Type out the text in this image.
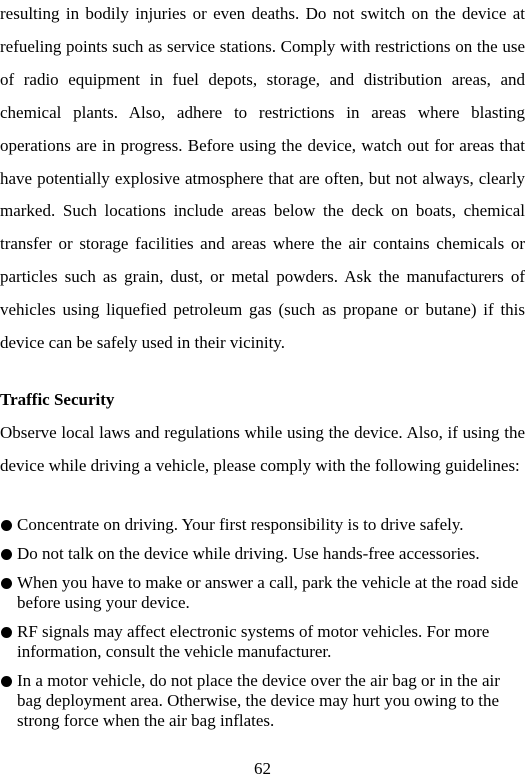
resulting in bodily injuries or even deaths. Do not switch on the device at refueling points such as service stations. Comply with restrictions on the use of radio equipment in fuel depots, storage, and distribution areas, and chemical plants. Also, adhere to restrictions in areas where blasting operations are in progress. Before using the device, watch out for areas that have potentially explosive atmosphere that are often, but not always, clearly marked. Such locations include areas below the deck on boats, chemical transfer or storage facilities and areas where the air contains chemicals or particles such as grain, dust, or metal powders. Ask the manufacturers of vehicles using liquefied petroleum gas (such as propane or butane) if this device can be safely used in their vicinity.

Traffic Security

Observe local laws and regulations while using the device. Also, if using the device while driving a vehicle, please comply with the following guidelines:

Concentrate on driving. Your first responsibility is to drive safely.
Do not talk on the device while driving. Use hands-free accessories.
When you have to make or answer a call, park the vehicle at the road side before using your device.
RF signals may affect electronic systems of motor vehicles. For more information, consult the vehicle manufacturer.
In a motor vehicle, do not place the device over the air bag or in the air bag deployment area. Otherwise, the device may hurt you owing to the strong force when the air bag inflates.
62
